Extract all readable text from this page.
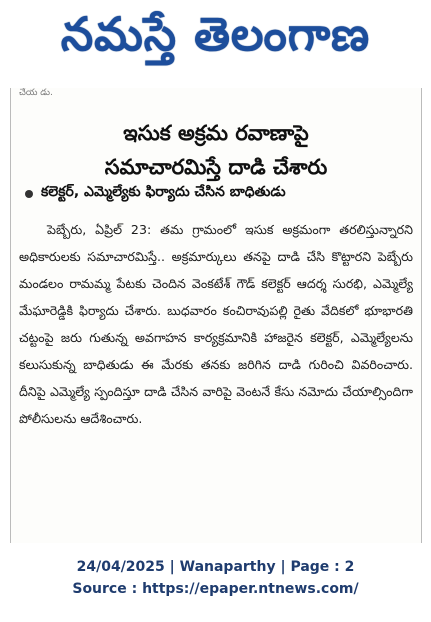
నమస్తే తెలంగాణ
చేయ డు.
ఇసుక అక్రమ రవాణాపై
సమాచారమిస్తే దాడి చేశారు
కలెక్టర్, ఎమ్మెల్యేకు ఫిర్యాదు చేసిన బాధితుడు

పెబ్బేరు, ఏప్రిల్ 23: తమ గ్రామంలో ఇసుక అక్రమంగా తరలిస్తున్నారని అధికారులకు సమాచారమిస్తే.. అక్రమార్కులు తనపై దాడి చేసి కొట్టారని పెబ్బేరు మండలం రామమ్మ పేటకు చెందిన వెంకటేశ్ గౌడ్ కలెక్టర్ ఆదర్శ సురభి, ఎమ్మెల్యే మేఘారెడ్డికి ఫిర్యాదు చేశారు. బుధవారం కంచిరావుపల్లి రైతు వేదికలో భూభారతి చట్టంపై జరు గుతున్న అవగాహన కార్యక్రమానికి హాజరైన కలెక్టర్, ఎమ్మెల్యేలను కలుసుకున్న బాధితుడు ఈ మేరకు తనకు జరిగిన దాడి గురించి వివరించారు. దీనిపై ఎమ్మెల్యే స్పందిస్తూ దాడి చేసిన వారిపై వెంటనే కేసు నమోదు చేయాల్సిందిగా పోలీసులను ఆదేశించారు.

24/04/2025 | Wanaparthy | Page : 2
Source : https://epaper.ntnews.com/
